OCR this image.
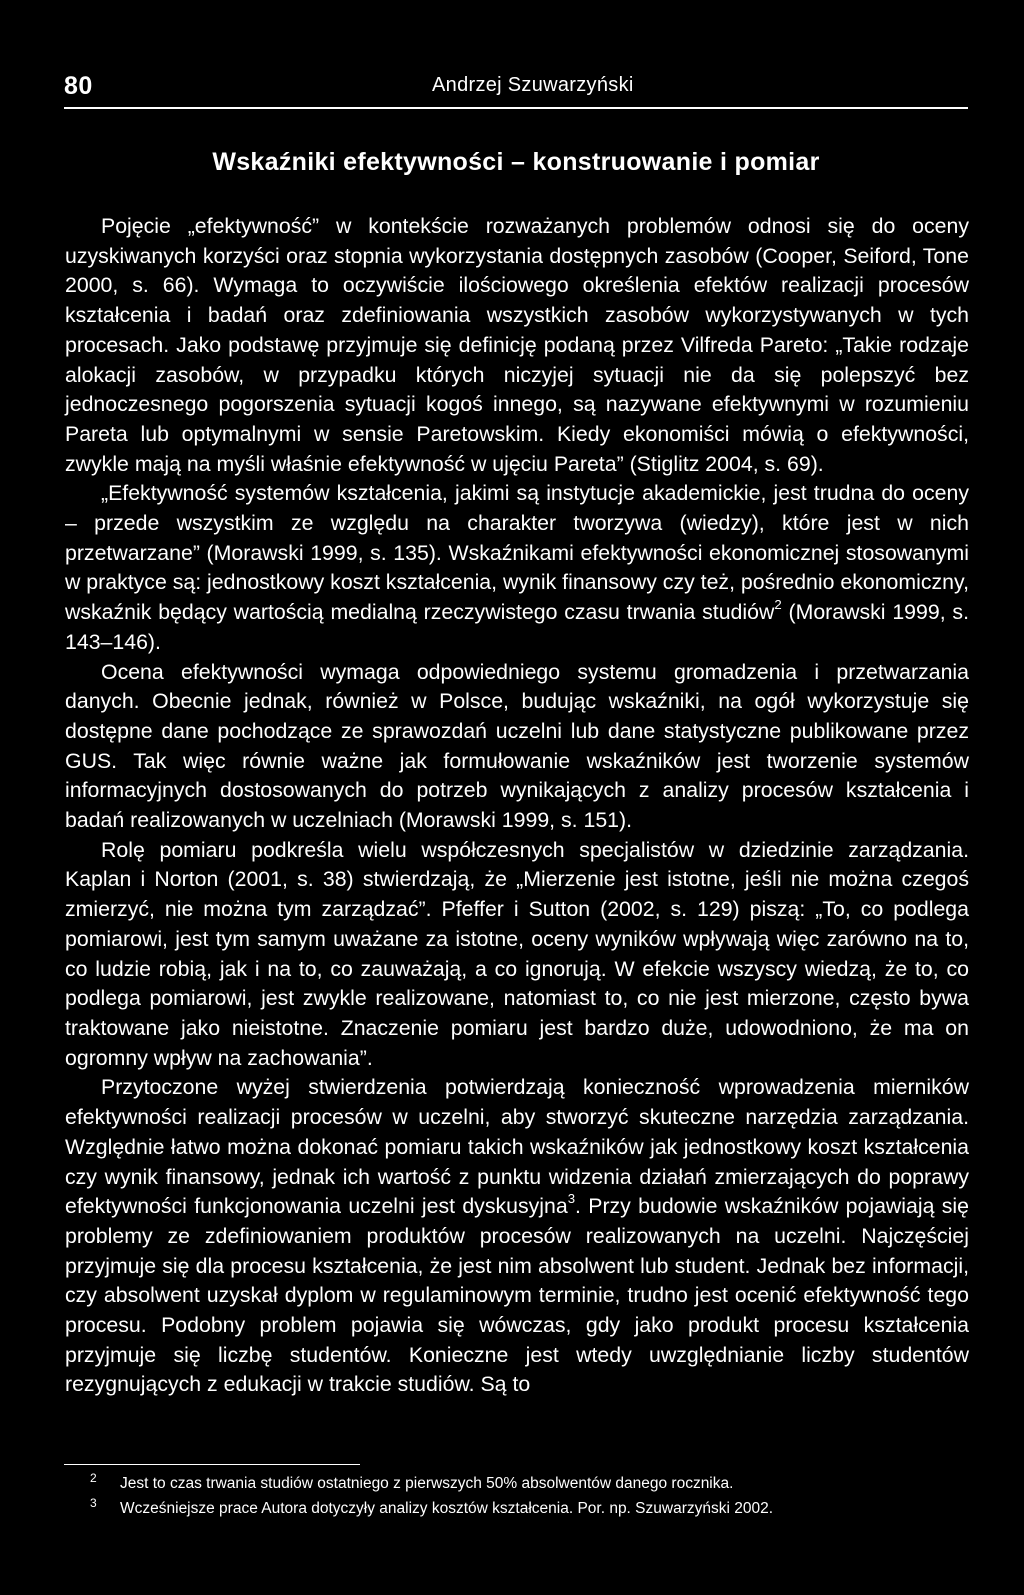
80	Andrzej Szuwarzyński
Wskaźniki efektywności – konstruowanie i pomiar

Pojęcie „efektywność” w kontekście rozważanych problemów odnosi się do oceny uzyskiwanych korzyści oraz stopnia wykorzystania dostępnych zasobów (Cooper, Seiford, Tone 2000, s. 66). Wymaga to oczywiście ilościowego określenia efektów realizacji procesów kształcenia i badań oraz zdefiniowania wszystkich zasobów wykorzystywanych w tych procesach. Jako podstawę przyjmuje się definicję podaną przez Vilfreda Pareto: „Takie rodzaje alokacji zasobów, w przypadku których niczyjej sytuacji nie da się polepszyć bez jednoczesnego pogorszenia sytuacji kogoś innego, są nazywane efektywnymi w rozumieniu Pareta lub optymalnymi w sensie Paretowskim. Kiedy ekonomiści mówią o efektywności, zwykle mają na myśli właśnie efektywność w ujęciu Pareta” (Stiglitz 2004, s. 69).

„Efektywność systemów kształcenia, jakimi są instytucje akademickie, jest trudna do oceny – przede wszystkim ze względu na charakter tworzywa (wiedzy), które jest w nich przetwarzane” (Morawski 1999, s. 135). Wskaźnikami efektywności ekonomicznej stosowanymi w praktyce są: jednostkowy koszt kształcenia, wynik finansowy czy też, pośrednio ekonomiczny, wskaźnik będący wartością medialną rzeczywistego czasu trwania studiów$^2$ (Morawski 1999, s. 143–146).

Ocena efektywności wymaga odpowiedniego systemu gromadzenia i przetwarzania danych. Obecnie jednak, również w Polsce, budując wskaźniki, na ogół wykorzystuje się dostępne dane pochodzące ze sprawozdań uczelni lub dane statystyczne publikowane przez GUS. Tak więc równie ważne jak formułowanie wskaźników jest tworzenie systemów informacyjnych dostosowanych do potrzeb wynikających z analizy procesów kształcenia i badań realizowanych w uczelniach (Morawski 1999, s. 151).

Rolę pomiaru podkreśla wielu współczesnych specjalistów w dziedzinie zarządzania. Kaplan i Norton (2001, s. 38) stwierdzają, że „Mierzenie jest istotne, jeśli nie można czegoś zmierzyć, nie można tym zarządzać”. Pfeffer i Sutton (2002, s. 129) piszą: „To, co podlega pomiarowi, jest tym samym uważane za istotne, oceny wyników wpływają więc zarówno na to, co ludzie robią, jak i na to, co zauważają, a co ignorują. W efekcie wszyscy wiedzą, że to, co podlega pomiarowi, jest zwykle realizowane, natomiast to, co nie jest mierzone, często bywa traktowane jako nieistotne. Znaczenie pomiaru jest bardzo duże, udowodniono, że ma on ogromny wpływ na zachowania”.

Przytoczone wyżej stwierdzenia potwierdzają konieczność wprowadzenia mierników efektywności realizacji procesów w uczelni, aby stworzyć skuteczne narzędzia zarządzania. Względnie łatwo można dokonać pomiaru takich wskaźników jak jednostkowy koszt kształcenia czy wynik finansowy, jednak ich wartość z punktu widzenia działań zmierzających do poprawy efektywności funkcjonowania uczelni jest dyskusyjna$^3$. Przy budowie wskaźników pojawiają się problemy ze zdefiniowaniem produktów procesów realizowanych na uczelni. Najczęściej przyjmuje się dla procesu kształcenia, że jest nim absolwent lub student. Jednak bez informacji, czy absolwent uzyskał dyplom w regulaminowym terminie, trudno jest ocenić efektywność tego procesu. Podobny problem pojawia się wówczas, gdy jako produkt procesu kształcenia przyjmuje się liczbę studentów. Konieczne jest wtedy uwzględnianie liczby studentów rezygnujących z edukacji w trakcie studiów. Są to

2 Jest to czas trwania studiów ostatniego z pierwszych 50% absolwentów danego rocznika.
3 Wcześniejsze prace Autora dotyczyły analizy kosztów kształcenia. Por. np. Szuwarzyński 2002.
